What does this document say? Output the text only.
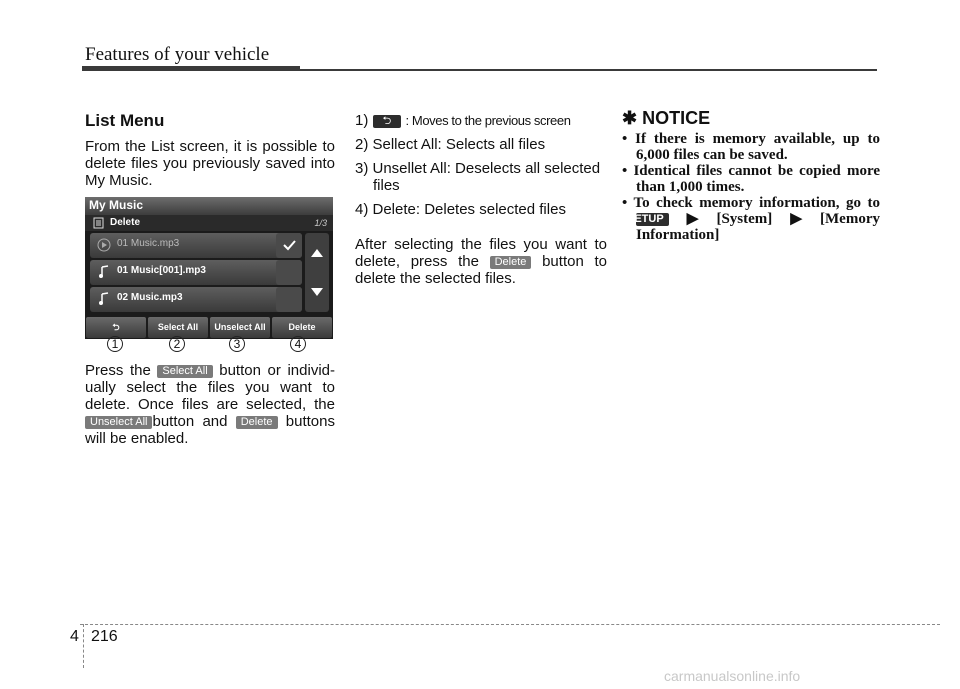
Features of your vehicle
List Menu
From the List screen, it is possible to delete files you previously saved into My Music.
My Music
Delete	1/3
01 Music.mp3
01 Music[001].mp3
02 Music.mp3
⮌	Select All	Unselect All	Delete
1	2	3	4
Press the Select All button or individ-ually select the files you want to delete. Once files are selected, the Unselect All button and Delete buttons will be enabled.
1) ⮌ : Moves to the previous screen
2) Sellect All: Selects all files
3) Unsellet All: Deselects all selected files
4) Delete: Deletes selected files
After selecting the files you want to delete, press the Delete button to delete the selected files.
✱ NOTICE
• If there is memory available, up to 6,000 files can be saved.
• Identical files cannot be copied more than 1,000 times.
• To check memory information, go to SETUP ▶[System]▶[Memory Information]
4 216
carmanualsonline.info
